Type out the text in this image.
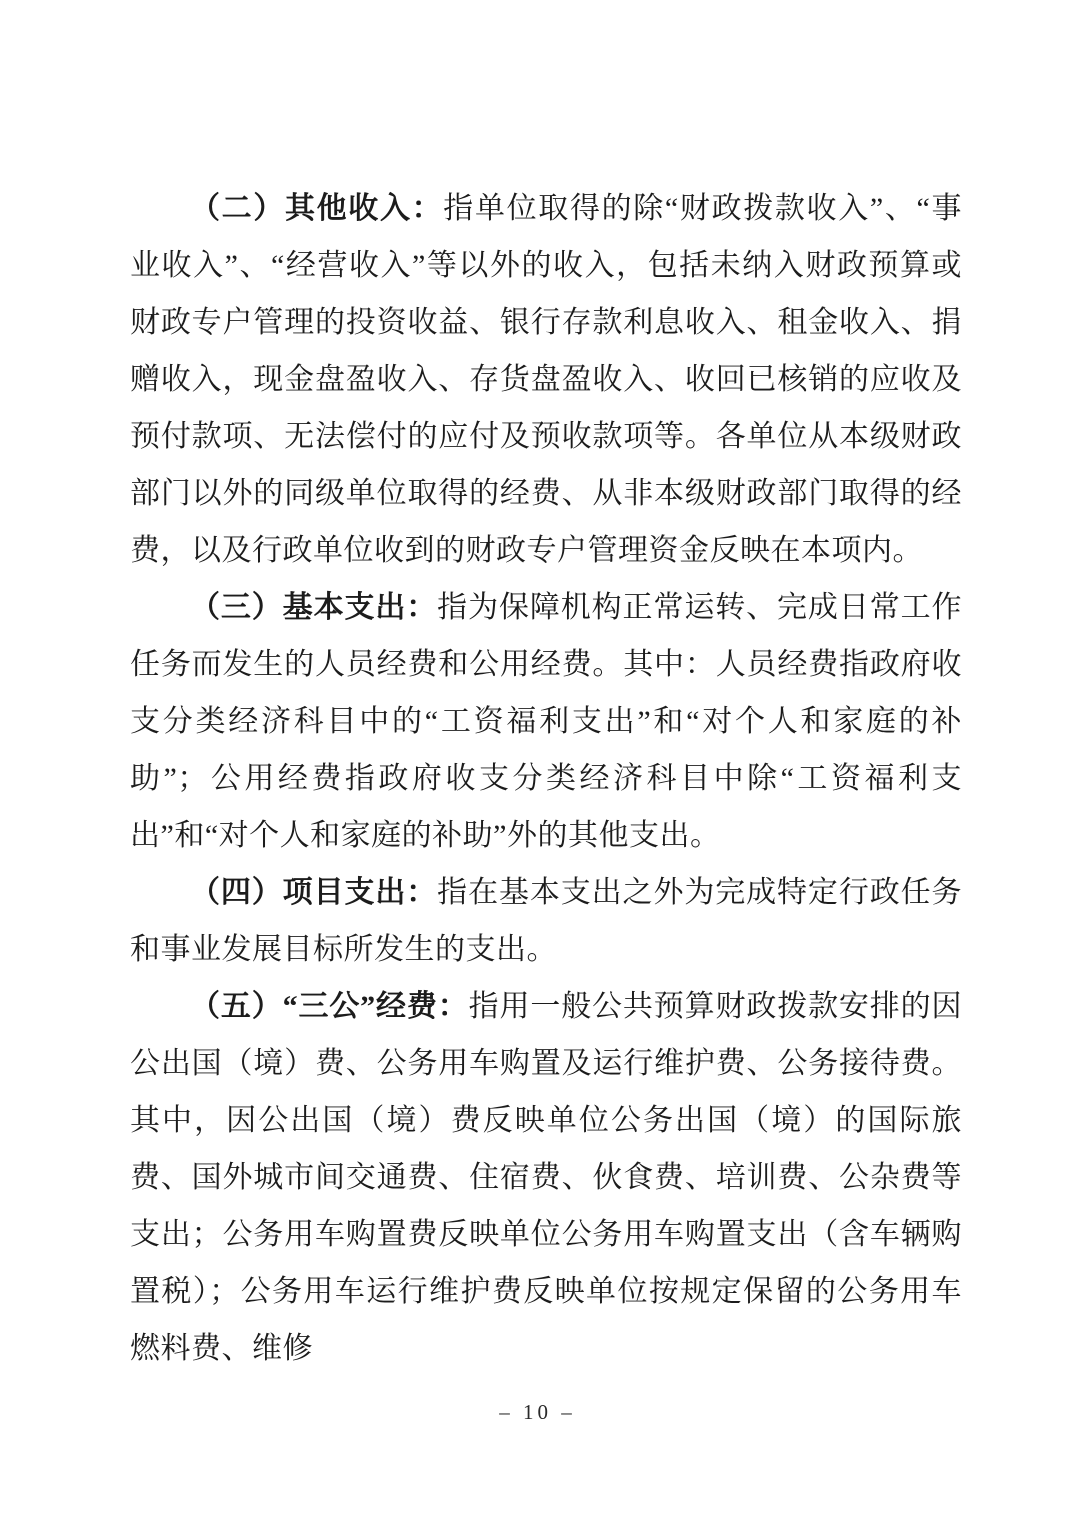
（二）其他收入：指单位取得的除“财政拨款收入”、“事业收入”、“经营收入”等以外的收入，包括未纳入财政预算或财政专户管理的投资收益、银行存款利息收入、租金收入、捐赠收入，现金盘盈收入、存货盘盈收入、收回已核销的应收及预付款项、无法偿付的应付及预收款项等。各单位从本级财政部门以外的同级单位取得的经费、从非本级财政部门取得的经费，以及行政单位收到的财政专户管理资金反映在本项内。

（三）基本支出：指为保障机构正常运转、完成日常工作任务而发生的人员经费和公用经费。其中：人员经费指政府收支分类经济科目中的“工资福利支出”和“对个人和家庭的补助”；公用经费指政府收支分类经济科目中除“工资福利支出”和“对个人和家庭的补助”外的其他支出。

（四）项目支出：指在基本支出之外为完成特定行政任务和事业发展目标所发生的支出。

（五）“三公”经费：指用一般公共预算财政拨款安排的因公出国（境）费、公务用车购置及运行维护费、公务接待费。其中，因公出国（境）费反映单位公务出国（境）的国际旅费、国外城市间交通费、住宿费、伙食费、培训费、公杂费等支出；公务用车购置费反映单位公务用车购置支出（含车辆购置税）；公务用车运行维护费反映单位按规定保留的公务用车燃料费、维修

– 10 –
